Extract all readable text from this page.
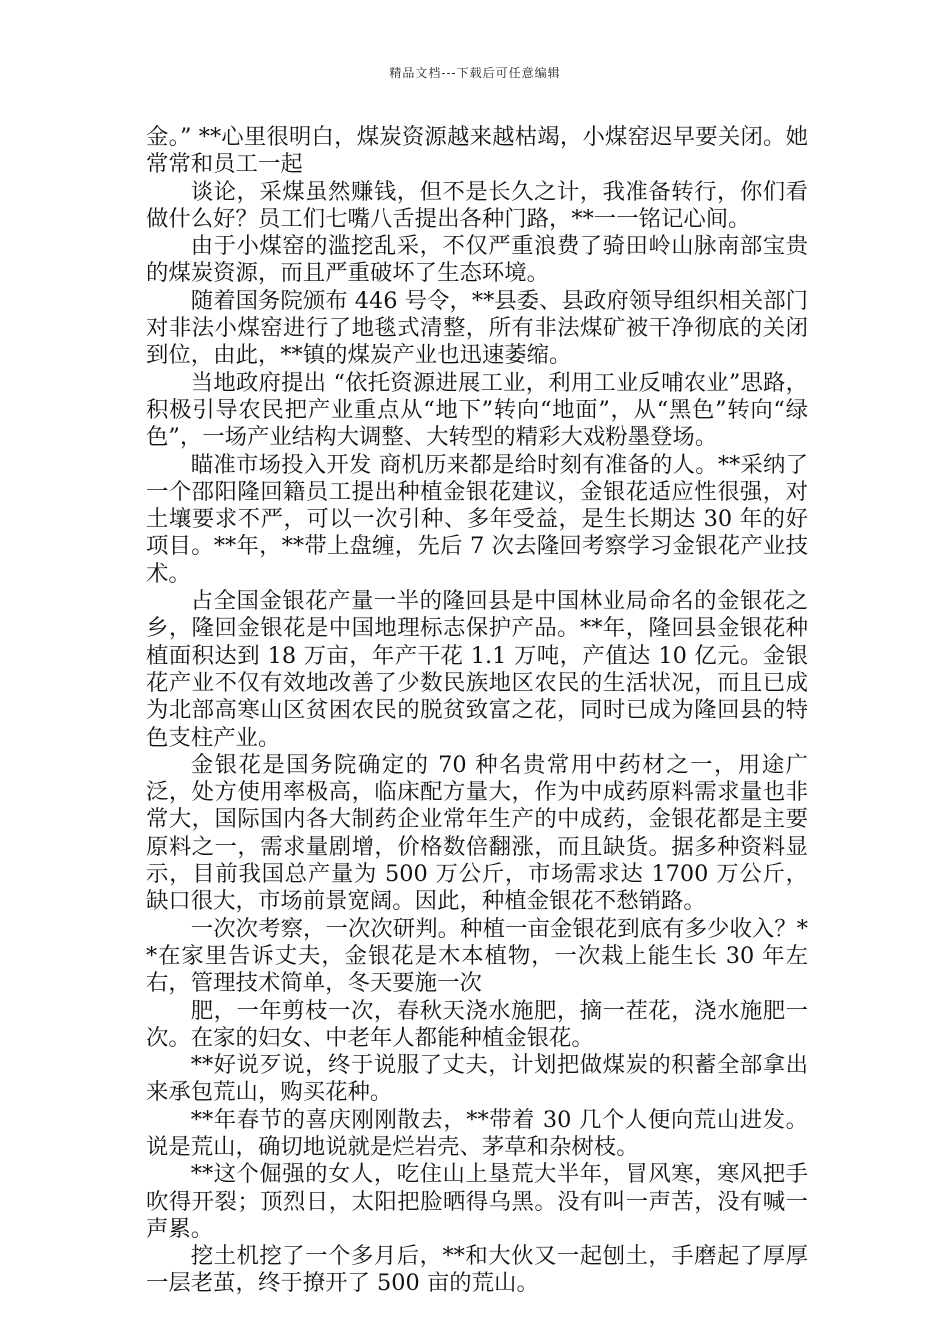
精品文档---下载后可任意编辑

金。” **心里很明白，煤炭资源越来越枯竭，小煤窑迟早要关闭。她常常和员工一起

谈论，采煤虽然赚钱，但不是长久之计，我准备转行，你们看做什么好？员工们七嘴八舌提出各种门路，**一一铭记心间。

由于小煤窑的滥挖乱采，不仅严重浪费了骑田岭山脉南部宝贵的煤炭资源，而且严重破坏了生态环境。

随着国务院颁布 446 号令，**县委、县政府领导组织相关部门对非法小煤窑进行了地毯式清整，所有非法煤矿被干净彻底的关闭到位，由此，**镇的煤炭产业也迅速萎缩。

当地政府提出 “依托资源进展工业，利用工业反哺农业”思路，积极引导农民把产业重点从“地下”转向“地面”，从“黑色”转向“绿色”，一场产业结构大调整、大转型的精彩大戏粉墨登场。

瞄准市场投入开发 商机历来都是给时刻有准备的人。**采纳了一个邵阳隆回籍员工提出种植金银花建议，金银花适应性很强，对土壤要求不严，可以一次引种、多年受益，是生长期达 30 年的好项目。**年，**带上盘缠，先后 7 次去隆回考察学习金银花产业技术。

占全国金银花产量一半的隆回县是中国林业局命名的金银花之乡，隆回金银花是中国地理标志保护产品。**年，隆回县金银花种植面积达到 18 万亩，年产干花 1.1 万吨，产值达 10 亿元。金银花产业不仅有效地改善了少数民族地区农民的生活状况，而且已成为北部高寒山区贫困农民的脱贫致富之花，同时已成为隆回县的特色支柱产业。

金银花是国务院确定的 70 种名贵常用中药材之一，用途广泛，处方使用率极高，临床配方量大，作为中成药原料需求量也非常大，国际国内各大制药企业常年生产的中成药，金银花都是主要原料之一，需求量剧增，价格数倍翻涨，而且缺货。据多种资料显示，目前我国总产量为 500 万公斤，市场需求达 1700 万公斤，缺口很大，市场前景宽阔。因此，种植金银花不愁销路。

一次次考察，一次次研判。种植一亩金银花到底有多少收入？**在家里告诉丈夫，金银花是木本植物，一次栽上能生长 30 年左右，管理技术简单，冬天要施一次

肥，一年剪枝一次，春秋天浇水施肥，摘一茬花，浇水施肥一次。在家的妇女、中老年人都能种植金银花。

**好说歹说，终于说服了丈夫，计划把做煤炭的积蓄全部拿出来承包荒山，购买花种。

**年春节的喜庆刚刚散去，**带着 30 几个人便向荒山进发。说是荒山，确切地说就是烂岩壳、茅草和杂树枝。

**这个倔强的女人，吃住山上垦荒大半年，冒风寒，寒风把手吹得开裂；顶烈日，太阳把脸晒得乌黑。没有叫一声苦，没有喊一声累。

挖土机挖了一个多月后，**和大伙又一起刨土，手磨起了厚厚一层老茧，终于撩开了 500 亩的荒山。
